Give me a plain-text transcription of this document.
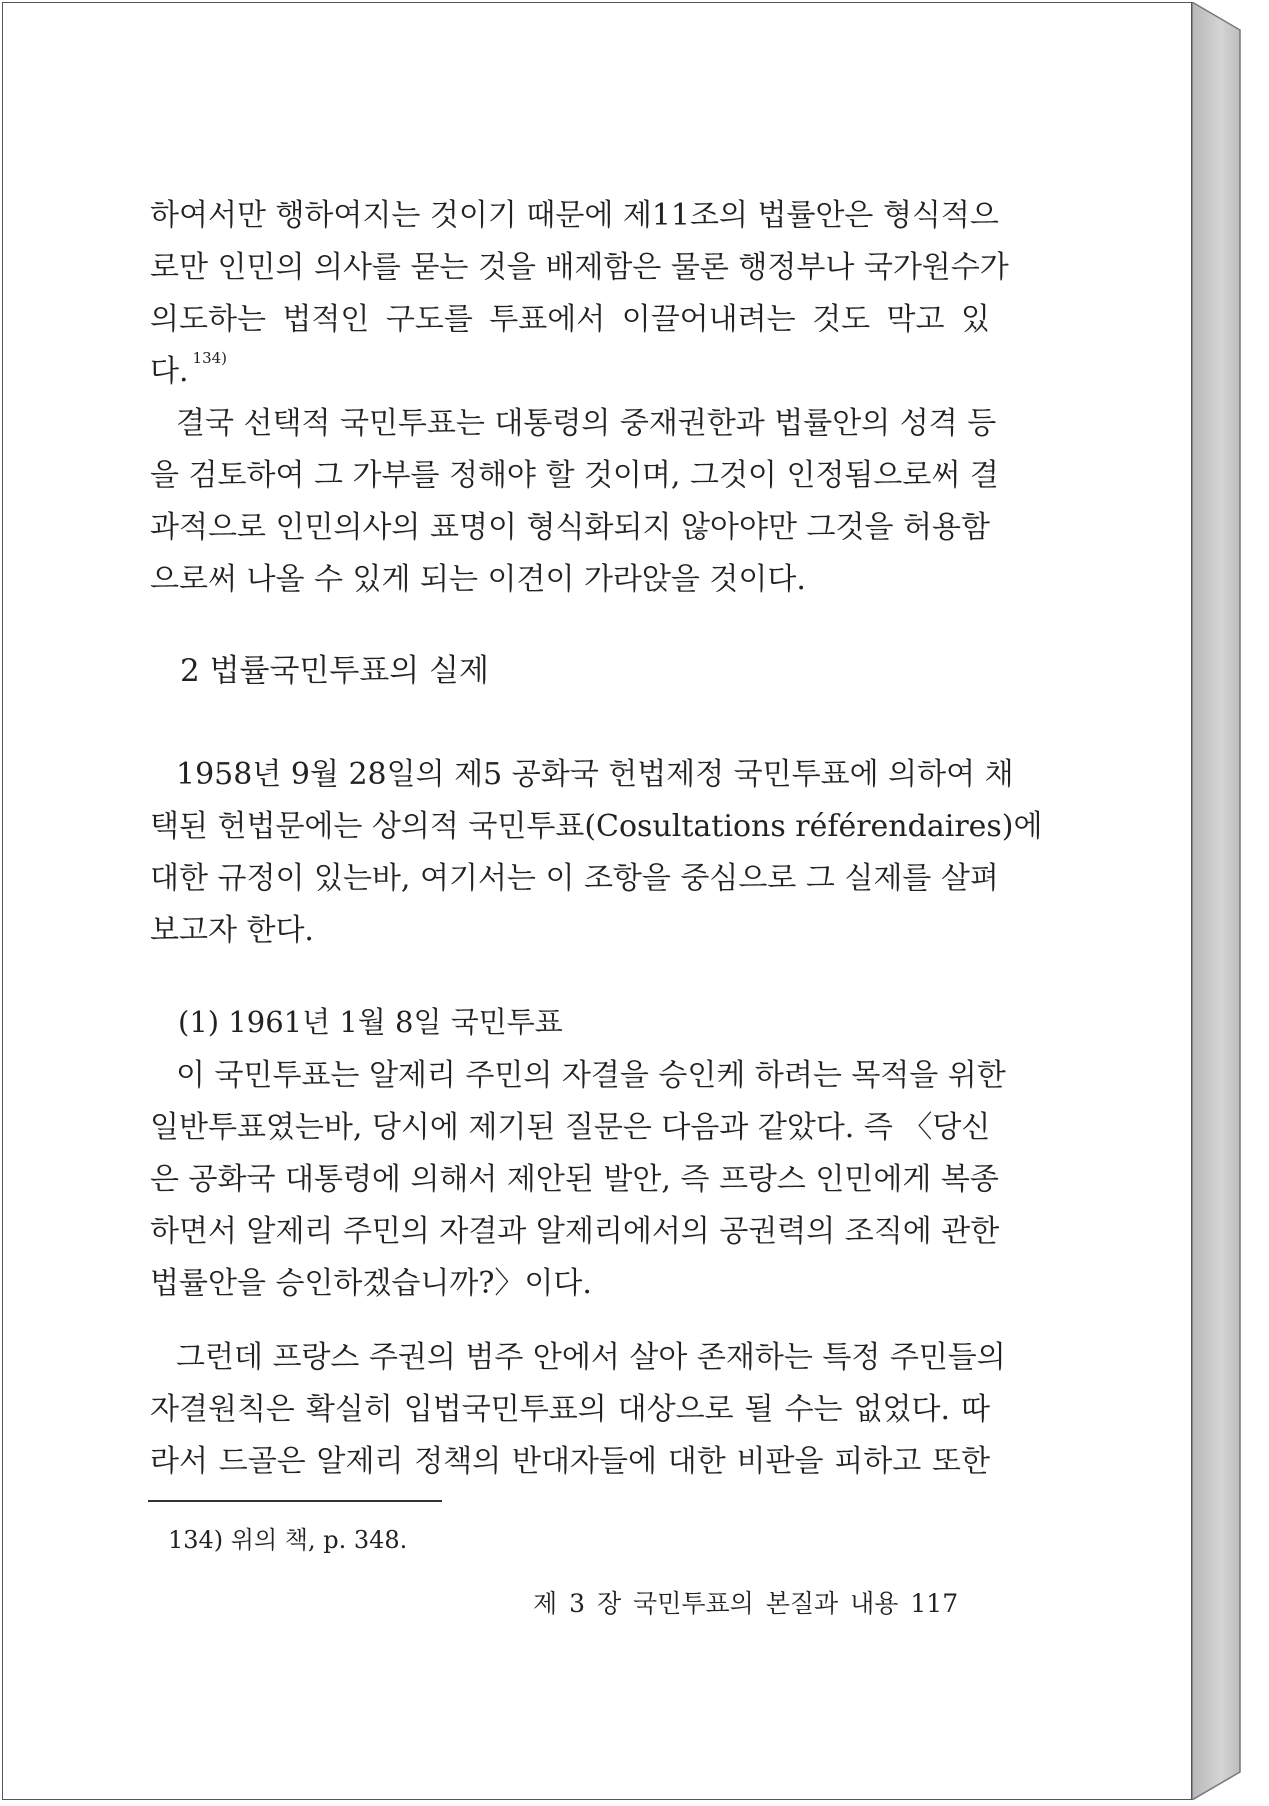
하여서만 행하여지는 것이기 때문에 제11조의 법률안은 형식적으
로만 인민의 의사를 묻는 것을 배제함은 물론 행정부나 국가원수가
의도하는 법적인 구도를 투표에서 이끌어내려는 것도 막고 있
다. $^{134)}$
결국 선택적 국민투표는 대통령의 중재권한과 법률안의 성격 등
을 검토하여 그 가부를 정해야 할 것이며, 그것이 인정됨으로써 결
과적으로 인민의사의 표명이 형식화되지 않아야만 그것을 허용함
으로써 나올 수 있게 되는 이견이 가라앉을 것이다.
2 법률국민투표의 실제
1958년 9월 28일의 제5 공화국 헌법제정 국민투표에 의하여 채
택된 헌법문에는 상의적 국민투표(Cosultations référendaires)에
대한 규정이 있는바, 여기서는 이 조항을 중심으로 그 실제를 살펴
보고자 한다.
(1) 1961년 1월 8일 국민투표
이 국민투표는 알제리 주민의 자결을 승인케 하려는 목적을 위한
일반투표였는바, 당시에 제기된 질문은 다음과 같았다. 즉 〈당신
은 공화국 대통령에 의해서 제안된 발안, 즉 프랑스 인민에게 복종
하면서 알제리 주민의 자결과 알제리에서의 공권력의 조직에 관한
법률안을 승인하겠습니까?〉이다.
그런데 프랑스 주권의 범주 안에서 살아 존재하는 특정 주민들의
자결원칙은 확실히 입법국민투표의 대상으로 될 수는 없었다. 따
라서 드골은 알제리 정책의 반대자들에 대한 비판을 피하고 또한
134) 위의 책, p. 348.
제 3 장 국민투표의 본질과 내용 117
